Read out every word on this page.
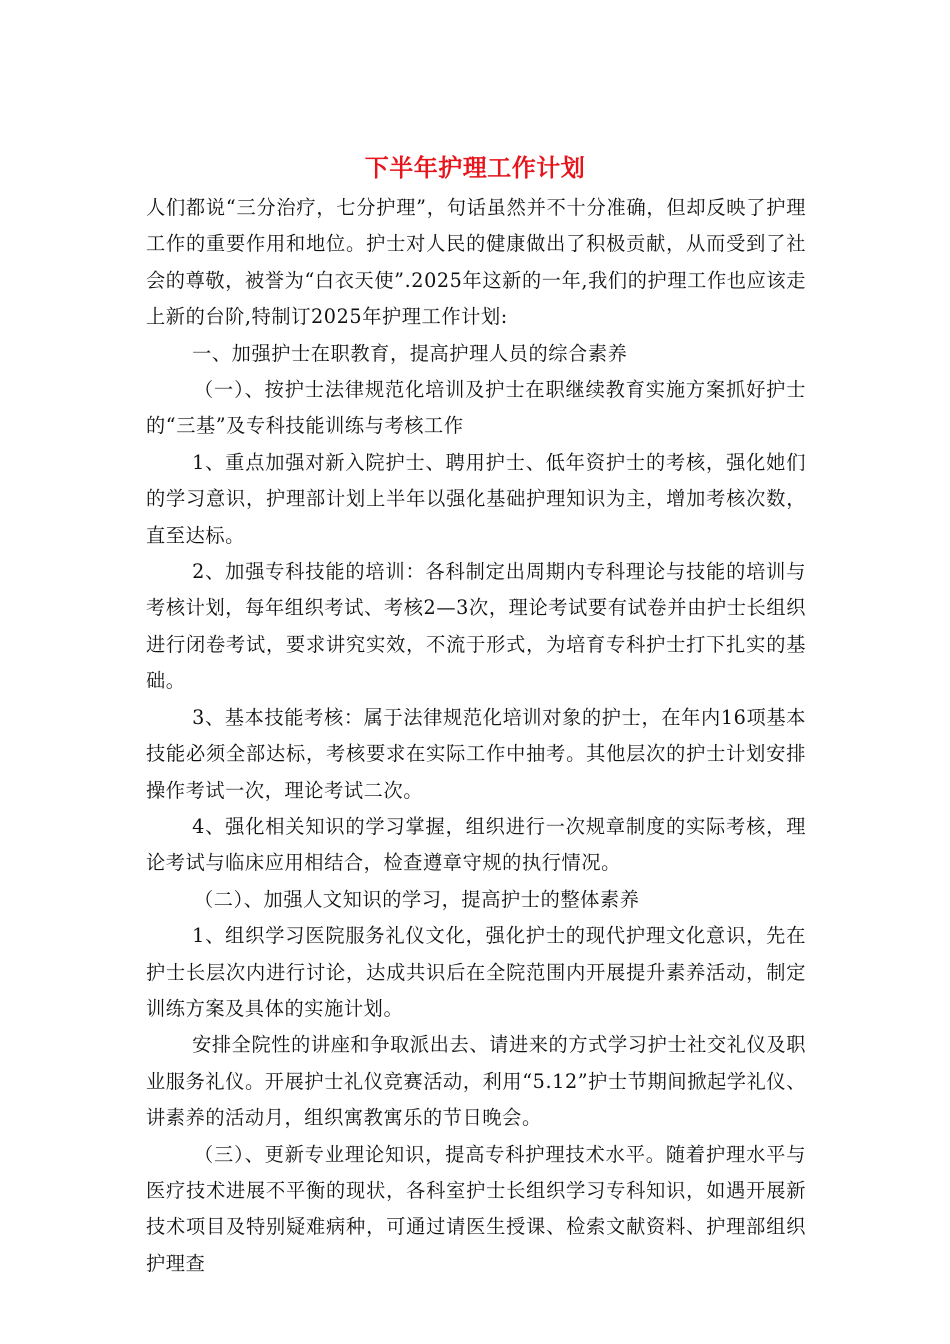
下半年护理工作计划

人们都说“三分治疗，七分护理”，句话虽然并不十分准确，但却反映了护理工作的重要作用和地位。护士对人民的健康做出了积极贡献，从而受到了社会的尊敬，被誉为“白衣天使”.2025年这新的一年,我们的护理工作也应该走上新的台阶,特制订2025年护理工作计划:

一、加强护士在职教育，提高护理人员的综合素养

（一）、按护士法律规范化培训及护士在职继续教育实施方案抓好护士的“三基”及专科技能训练与考核工作

1、重点加强对新入院护士、聘用护士、低年资护士的考核，强化她们的学习意识，护理部计划上半年以强化基础护理知识为主，增加考核次数，直至达标。

2、加强专科技能的培训：各科制定出周期内专科理论与技能的培训与考核计划，每年组织考试、考核2—3次，理论考试要有试卷并由护士长组织进行闭卷考试，要求讲究实效，不流于形式，为培育专科护士打下扎实的基础。

3、基本技能考核：属于法律规范化培训对象的护士，在年内16项基本技能必须全部达标，考核要求在实际工作中抽考。其他层次的护士计划安排操作考试一次，理论考试二次。

4、强化相关知识的学习掌握，组织进行一次规章制度的实际考核，理论考试与临床应用相结合，检查遵章守规的执行情况。

（二）、加强人文知识的学习，提高护士的整体素养

1、组织学习医院服务礼仪文化，强化护士的现代护理文化意识，先在护士长层次内进行讨论，达成共识后在全院范围内开展提升素养活动，制定训练方案及具体的实施计划。

安排全院性的讲座和争取派出去、请进来的方式学习护士社交礼仪及职业服务礼仪。开展护士礼仪竞赛活动，利用“5.12”护士节期间掀起学礼仪、讲素养的活动月，组织寓教寓乐的节日晚会。

（三）、更新专业理论知识，提高专科护理技术水平。随着护理水平与医疗技术进展不平衡的现状，各科室护士长组织学习专科知识，如遇开展新技术项目及特别疑难病种，可通过请医生授课、检索文献资料、护理部组织护理查
